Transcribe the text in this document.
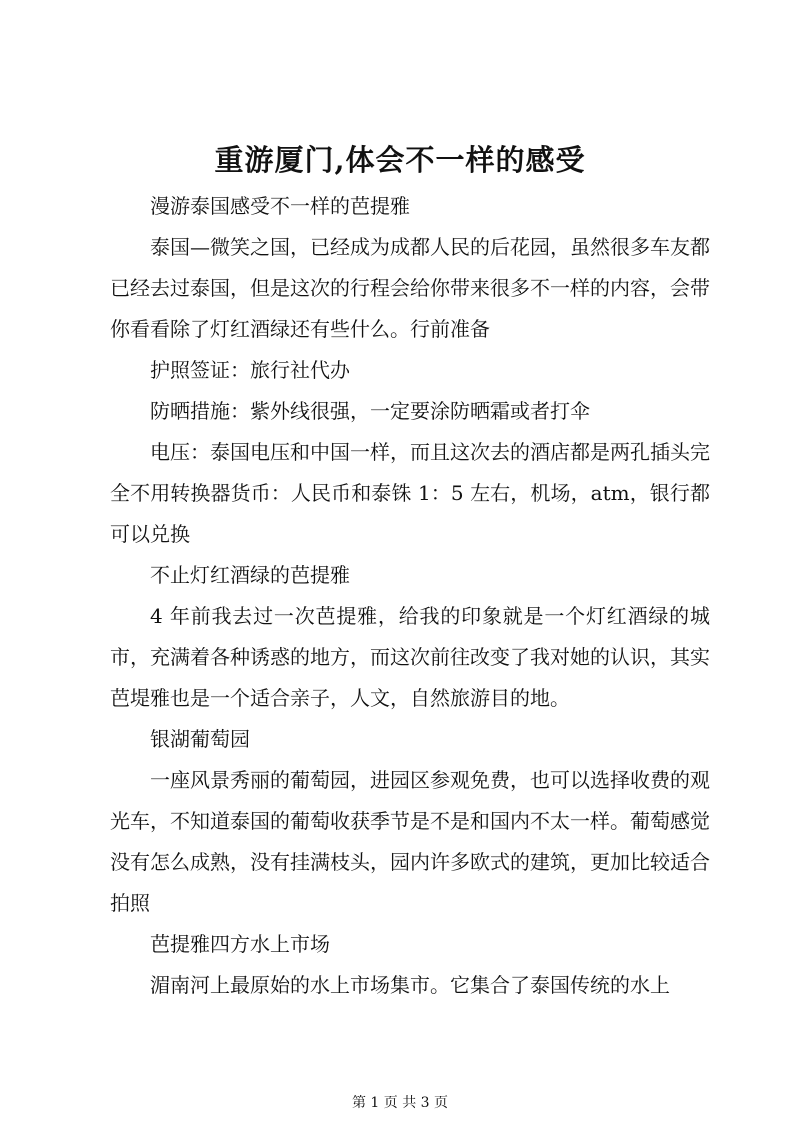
重游厦门,体会不一样的感受

漫游泰国感受不一样的芭提雅

泰国—微笑之国，已经成为成都人民的后花园，虽然很多车友都已经去过泰国，但是这次的行程会给你带来很多不一样的内容，会带你看看除了灯红酒绿还有些什么。行前准备

护照签证：旅行社代办

防晒措施：紫外线很强，一定要涂防晒霜或者打伞

电压：泰国电压和中国一样，而且这次去的酒店都是两孔插头完全不用转换器货币：人民币和泰铢 1：5 左右，机场，atm，银行都可以兑换

不止灯红酒绿的芭提雅

4 年前我去过一次芭提雅，给我的印象就是一个灯红酒绿的城市，充满着各种诱惑的地方，而这次前往改变了我对她的认识，其实芭堤雅也是一个适合亲子，人文，自然旅游目的地。

银湖葡萄园

一座风景秀丽的葡萄园，进园区参观免费，也可以选择收费的观光车，不知道泰国的葡萄收获季节是不是和国内不太一样。葡萄感觉没有怎么成熟，没有挂满枝头，园内许多欧式的建筑，更加比较适合拍照

芭提雅四方水上市场

湄南河上最原始的水上市场集市。它集合了泰国传统的水上

第 1 页 共 3 页
